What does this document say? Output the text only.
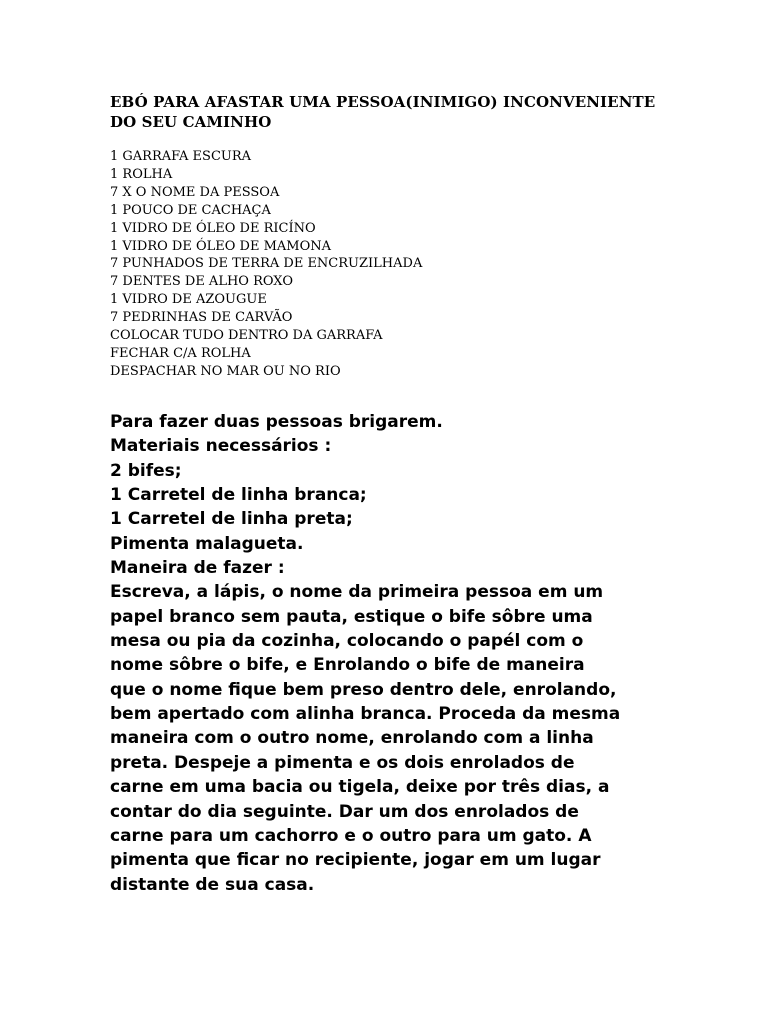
EBÓ PARA AFASTAR UMA PESSOA(INIMIGO) INCONVENIENTE
DO SEU CAMINHO
1 GARRAFA ESCURA
1 ROLHA
7 X O NOME DA PESSOA
1 POUCO DE CACHAÇA
1 VIDRO DE ÓLEO DE RICÍNO
1 VIDRO DE ÓLEO DE MAMONA
7 PUNHADOS DE TERRA DE ENCRUZILHADA
7 DENTES DE ALHO ROXO
1 VIDRO DE AZOUGUE
7 PEDRINHAS DE CARVÃO
COLOCAR TUDO DENTRO DA GARRAFA
FECHAR C/A ROLHA
DESPACHAR NO MAR OU NO RIO
Para fazer duas pessoas brigarem.
Materiais necessários :
2 bifes;
1 Carretel de linha branca;
1 Carretel de linha preta;
Pimenta malagueta.
Maneira de fazer :
Escreva, a lápis, o nome da primeira pessoa em um
papel branco sem pauta, estique o bife sôbre uma
mesa ou pia da cozinha, colocando o papél com o
nome sôbre o bife, e Enrolando o bife de maneira
que o nome fique bem preso dentro dele, enrolando,
bem apertado com alinha branca. Proceda da mesma
maneira com o outro nome, enrolando com a linha
preta. Despeje a pimenta e os dois enrolados de
carne em uma bacia ou tigela, deixe por três dias, a
contar do dia seguinte. Dar um dos enrolados de
carne para um cachorro e o outro para um gato. A
pimenta que ficar no recipiente, jogar em um lugar
distante de sua casa.
